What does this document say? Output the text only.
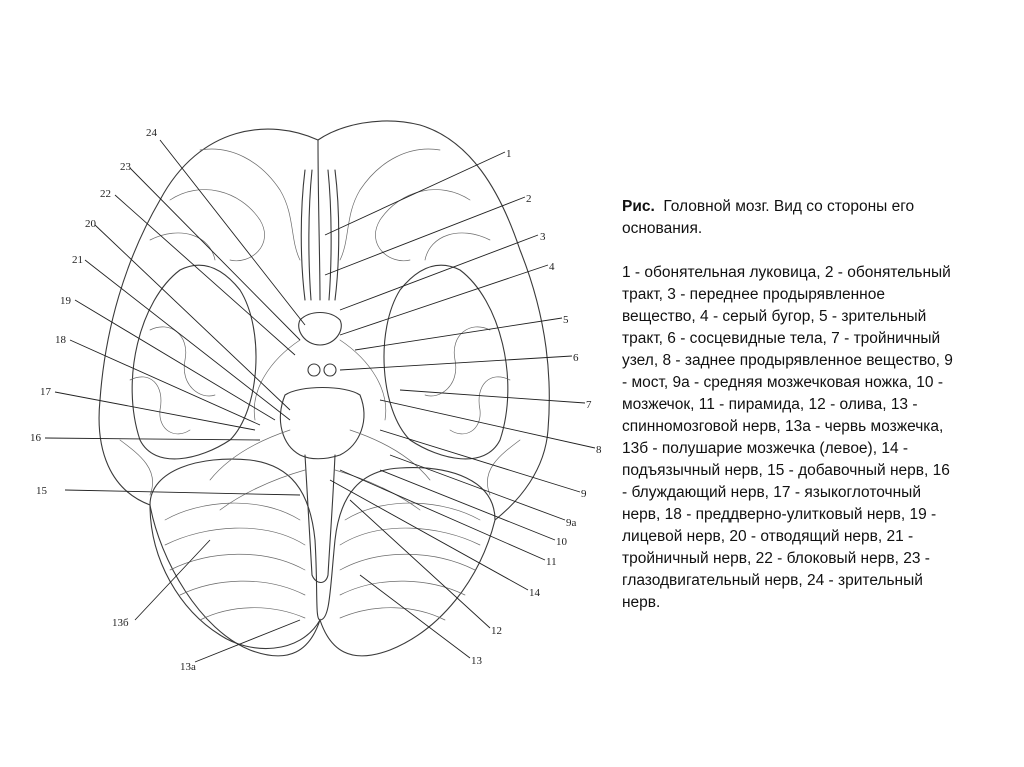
1
2
3
4
5
6
7
8
9
9а
10
11
14
12
13
13а
13б
15
16
17
18
19
21
20
22
23
24
Рис. Головной мозг. Вид со стороны его основания.
1 - обонятельная луковица, 2 - обонятельный тракт, 3 - переднее продырявленное вещество, 4 - серый бугор, 5 - зрительный тракт, 6 - сосцевидные тела, 7 - тройничный узел, 8 - заднее продырявленное вещество, 9 - мост, 9а - средняя мозжечковая ножка, 10 - мозжечок, 11 - пирамида, 12 - олива, 13 - спинномозговой нерв, 13а - червь мозжечка, 13б - полушарие мозжечка (левое), 14 - подъязычный нерв, 15 - добавочный нерв, 16 - блуждающий нерв, 17 - языкоглоточный нерв, 18 - преддверно-улитковый нерв, 19 - лицевой нерв, 20 - отводящий нерв, 21 - тройничный нерв, 22 - блоковый нерв, 23 - глазодвигательный нерв, 24 - зрительный нерв.
